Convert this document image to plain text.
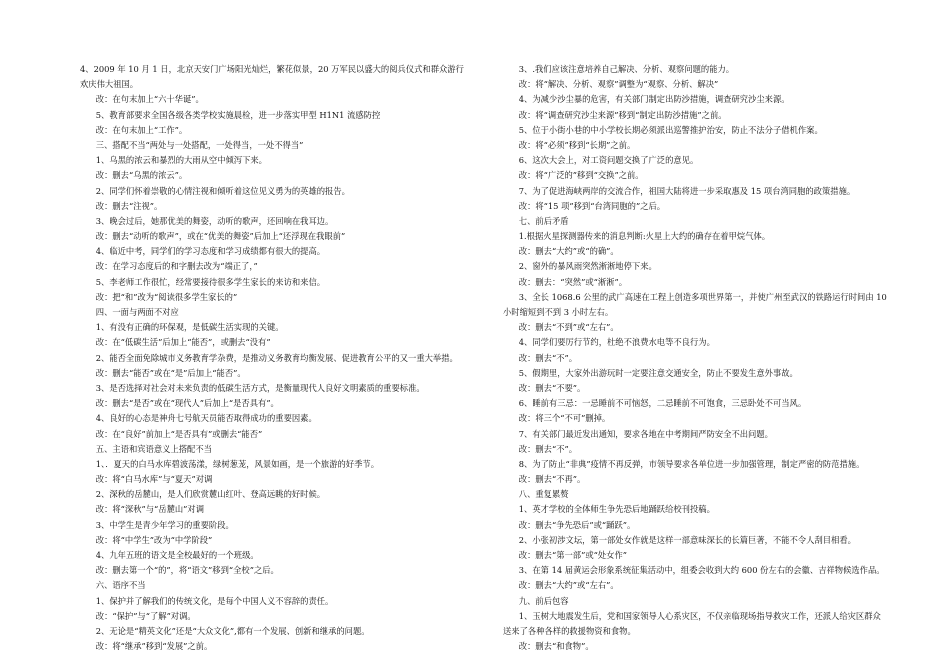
4、2009 年 10 月 1 日，北京天安门广场阳光灿烂，繁花似景，20 万军民以盛大的阅兵仪式和群众游行
欢庆伟大祖国。
改：在句末加上“六十华诞”。
5、教育部要求全国各级各类学校实施晨检，进一步落实甲型 H1N1 流感防控
改：在句末加上“工作”。
三、搭配不当“两处与一处搭配，一处得当，一处不得当”
1、乌黑的浓云和暴烈的大雨从空中倾泻下来。
改：删去“乌黑的浓云”。
2、同学们怀着崇敬的心情注视和倾听着这位见义勇为的英雄的报告。
改：删去“注视”。
3、晚会过后，她那优美的舞姿，动听的歌声，还回响在我耳边。
改：删去“动听的歌声”，或在“优美的舞姿”后加上“还浮现在我眼前”
4、临近中考，同学们的学习态度和学习成绩都有很大的提高。
改：在学习态度后的和字删去改为“端正了，”
5、李老师工作很忙，经常要接待很多学生家长的来访和来信。
改：把“和”改为“阅读很多学生家长的”
四、一面与两面不对应
1、有没有正确的环保观，是低碳生活实现的关键。
改：在“低碳生活”后加上“能否”，或删去“没有”
2、能否全面免除城市义务教育学杂费，是推动义务教育均衡发展、促进教育公平的又一重大举措。
改：删去“能否”或在“是”后加上“能否”。
3、是否选择对社会对未来负责的低碳生活方式，是衡量现代人良好文明素质的重要标准。
改：删去“是否”或在“现代人”后加上“是否具有”。
4、良好的心态是神舟七号航天员能否取得成功的重要因素。
改：在“良好”前加上“是否具有”或删去“能否”
五、主语和宾语意义上搭配不当
1、．夏天的白马水库碧波荡漾，绿树葱茏，风景如画，是一个旅游的好季节。
改：将“白马水库”与“夏天”对调
2、深秋的岳麓山，是人们欣赏麓山红叶、登高远眺的好时候。
改：将“深秋”与“岳麓山”对调
3、中学生是青少年学习的重要阶段。
改：将“中学生”改为“中学阶段”
4、九年五班的语文是全校最好的一个班级。
改：删去第一个“的”，将“语文”移到“全校”之后。
六、语序不当
1、保护并了解我们的传统文化，是每个中国人义不容辞的责任。
改：“保护”与“了解”对调。
2、无论是“精英文化”还是“大众文化”,都有一个发展、创新和继承的问题。
改：将“继承”移到“发展”之前。
3、.我们应该注意培养自己解决、分析、观察问题的能力。
改：将“解决、分析、观察”调整为“观察、分析、解决”
4、为减少沙尘暴的危害，有关部门制定出防沙措施，调查研究沙尘来源。
改：将“调查研究沙尘来源”移到“制定出防沙措施”之前。
5、位于小街小巷的中小学校长期必须派出巡警推护治安，防止不法分子借机作案。
改：将“必须”移到“长期”之前。
6、这次大会上，对工资问题交换了广泛的意见。
改：将“广泛的”移到“交换”之前。
7、为了促进海峡两岸的交流合作，祖国大陆将进一步采取惠及 15 项台湾同胞的政策措施。
改：将“15 项”移到“台湾同胞的”之后。
七、前后矛盾
1.根据火星探测器传来的消息判断:火星上大约的确存在着甲烷气体。
改：删去“大约”或“的确”。
2、窗外的暴风雨突然淅淅地停下来。
改：删去：“突然”或“淅淅”。
3、全长 1068.6 公里的武广高速在工程上创造多项世界第一，并使广州至武汉的铁路运行时间由 10
小时缩短到不到 3 小时左右。
改：删去“不到”或“左右”。
4、同学们要厉行节约，杜绝不浪费水电等不良行为。
改：删去“不”。
5、假期里，大家外出游玩时一定要注意交通安全，防止不要发生意外事故。
改：删去“不要”。
6、睡前有三忌：一忌睡前不可恼怒，二忌睡前不可饱食，三忌卧处不可当风。
改：将三个“不可”删掉。
7、有关部门最近发出通知，要求各地在中考期间严防安全不出问题。
改：删去“不”。
8、为了防止“非典”疫情不再反弹，市领导要求各单位进一步加强管理，制定严密的防范措施。
改：删去“不再”。
八、重复累赘
1、英才学校的全体师生争先恐后地踊跃给校刊投稿。
改：删去“争先恐后”或“踊跃”。
2、小张初涉文坛，第一部处女作就是这样一部意味深长的长篇巨著，不能不令人刮目相看。
改：删去“第一部”或“处女作”
3、在第 14 届黄运会形象系统征集活动中，组委会收到大约 600 份左右的会徽、吉祥物候选作品。
改：删去“大约”或“左右”。
九、前后包容
1、玉树大地震发生后，党和国家领导人心系灾区，不仅亲临现场指导救灾工作，还派人给灾区群众
送来了各种各样的救援物资和食物。
改：删去“和食物”。
